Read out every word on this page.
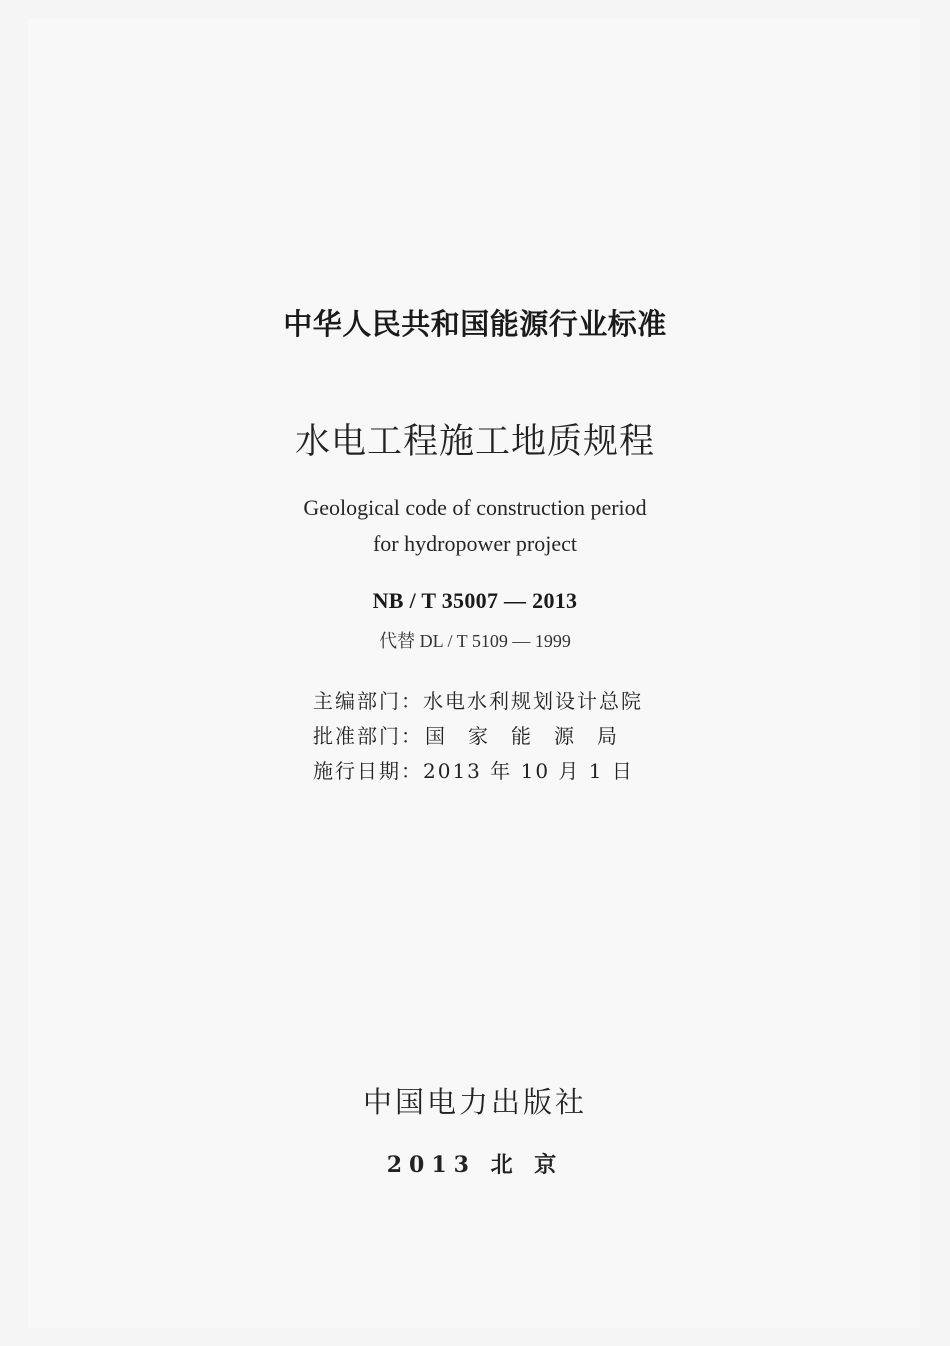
中华人民共和国能源行业标准
水电工程施工地质规程
Geological code of construction period
for hydropower project
NB / T 35007 — 2013
代替 DL / T 5109 — 1999
主编部门：水电水利规划设计总院
批准部门： 国家能源局
施行日期：2013 年 10 月 1 日
中国电力出版社
2013 北 京
